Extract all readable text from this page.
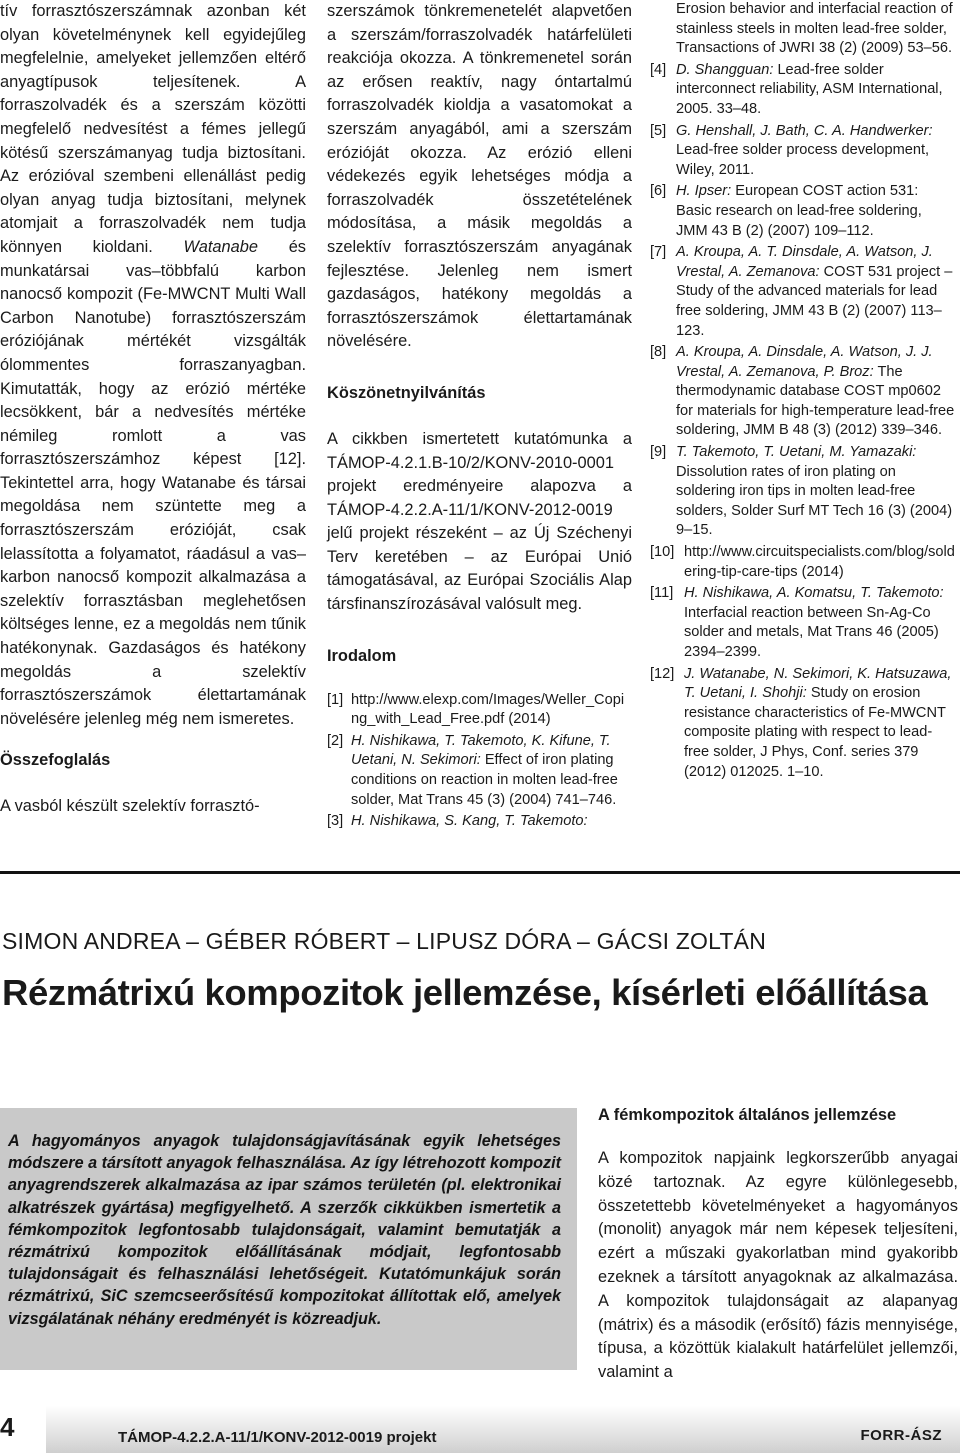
tív forrasztószerszámnak azonban két olyan követelménynek kell egyidejűleg megfelelnie, amelyeket jellemzően eltérő anyagtípusok teljesítenek. A forraszolvadék és a szerszám közötti megfelelő nedvesítést a fémes jellegű kötésű szerszámanyag tudja biztosítani. Az erózióval szembeni ellenállást pedig olyan anyag tudja biztosítani, melynek atomjait a forraszolvadék nem tudja könnyen kioldani. Watanabe és munkatársai vas–többfalú karbon nanocső kompozit (Fe-MWCNT Multi Wall Carbon Nanotube) forrasztószerszám eróziójának mértékét vizsgálták ólommentes forraszanyagban. Kimutatták, hogy az erózió mértéke lecsökkent, bár a nedvesítés mértéke némileg romlott a vas forrasztószerszámhoz képest [12]. Tekintettel arra, hogy Watanabe és társai megoldása nem szüntette meg a forrasztószerszám erózióját, csak lelassította a folyamatot, ráadásul a vas–karbon nanocső kompozit alkalmazása a szelektív forrasztásban meglehetősen költséges lenne, ez a megoldás nem tűnik hatékonynak. Gazdaságos és hatékony megoldás a szelektív forrasztószerszámok élettartamának növelésére jelenleg még nem ismeretes.

Összefoglalás

A vasból készült szelektív forrasztó-

szerszámok tönkremenetelét alapvetően a szerszám/forraszolvadék határfelületi reakciója okozza. A tönkremenetel során az erősen reaktív, nagy óntartalmú forraszolvadék kioldja a vasatomokat a szerszám anyagából, ami a szerszám erózióját okozza. Az erózió elleni védekezés egyik lehetséges módja a forraszolvadék összetételének módosítása, a másik megoldás a szelektív forrasztószerszám anyagának fejlesztése. Jelenleg nem ismert gazdaságos, hatékony megoldás a forrasztószerszámok élettartamának növelésére.

Köszönetnyilvánítás

A cikkben ismertetett kutatómunka a TÁMOP-4.2.1.B-10/2/KONV-2010-0001 projekt eredményeire alapozva a TÁMOP-4.2.2.A-11/1/KONV-2012-0019 jelű projekt részeként – az Új Széchenyi Terv keretében – az Európai Unió támogatásával, az Európai Szociális Alap társfinanszírozásával valósult meg.

Irodalom
[1] http://www.elexp.com/Images/Weller_Coping_with_Lead_Free.pdf (2014)
[2] H. Nishikawa, T. Takemoto, K. Kifune, T. Uetani, N. Sekimori: Effect of iron plating conditions on reaction in molten lead-free solder, Mat Trans 45 (3) (2004) 741–746.
[3] H. Nishikawa, S. Kang, T. Takemoto:
Erosion behavior and interfacial reaction of stainless steels in molten lead-free solder, Transactions of JWRI 38 (2) (2009) 53–56.
[4] D. Shangguan: Lead-free solder interconnect reliability, ASM International, 2005. 33–48.
[5] G. Henshall, J. Bath, C. A. Handwerker: Lead-free solder process development, Wiley, 2011.
[6] H. Ipser: European COST action 531: Basic research on lead-free soldering, JMM 43 B (2) (2007) 109–112.
[7] A. Kroupa, A. T. Dinsdale, A. Watson, J. Vrestal, A. Zemanova: COST 531 project – Study of the advanced materials for lead free soldering, JMM 43 B (2) (2007) 113–123.
[8] A. Kroupa, A. Dinsdale, A. Watson, J. J. Vrestal, A. Zemanova, P. Broz: The thermodynamic database COST mp0602 for materials for high-temperature lead-free soldering, JMM B 48 (3) (2012) 339–346.
[9] T. Takemoto, T. Uetani, M. Yamazaki: Dissolution rates of iron plating on soldering iron tips in molten lead-free solders, Solder Surf MT Tech 16 (3) (2004) 9–15.
[10] http://www.circuitspecialists.com/blog/soldering-tip-care-tips (2014)
[11] H. Nishikawa, A. Komatsu, T. Takemoto: Interfacial reaction between Sn-Ag-Co solder and metals, Mat Trans 46 (2005) 2394–2399.
[12] J. Watanabe, N. Sekimori, K. Hatsuzawa, T. Uetani, I. Shohji: Study on erosion resistance characteristics of Fe-MWCNT composite plating with respect to lead-free solder, J Phys, Conf. series 379 (2012) 012025. 1–10.
SIMON ANDREA – GÉBER RÓBERT – LIPUSZ DÓRA – GÁCSI ZOLTÁN
Rézmátrixú kompozitok jellemzése, kísérleti előállítása

A hagyományos anyagok tulajdonságjavításának egyik lehetséges módszere a társított anyagok felhasználása. Az így létrehozott kompozit anyagrendszerek alkalmazása az ipar számos területén (pl. elektronikai alkatrészek gyártása) megfigyelhető. A szerzők cikkükben ismertetik a fémkompozitok legfontosabb tulajdonságait, valamint bemutatják a rézmátrixú kompozitok előállításának módjait, legfontosabb tulajdonságait és felhasználási lehetőségeit. Kutatómunkájuk során rézmátrixú, SiC szemcseerősítésű kompozitokat állítottak elő, amelyek vizsgálatának néhány eredményét is közreadjuk.

A fémkompozitok általános jellemzése

A kompozitok napjaink legkorszerűbb anyagai közé tartoznak. Az egyre különlegesebb, összetettebb követelményeket a hagyományos (monolit) anyagok már nem képesek teljesíteni, ezért a műszaki gyakorlatban mind gyakoribb ezeknek a társított anyagoknak az alkalmazása. A kompozitok tulajdonságait az alapanyag (mátrix) és a második (erősítő) fázis mennyisége, típusa, a közöttük kialakult határfelület jellemzői, valamint a

4	TÁMOP-4.2.2.A-11/1/KONV-2012-0019 projekt	FORR-ÁSZ
